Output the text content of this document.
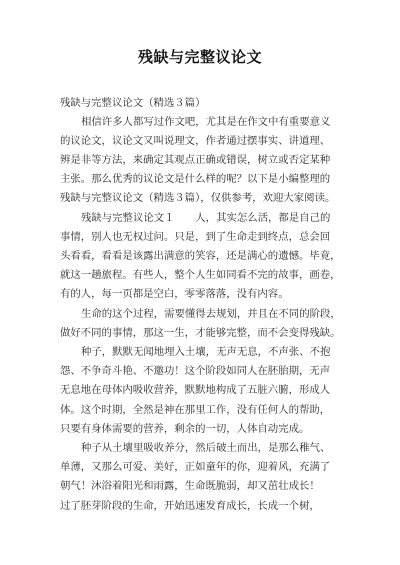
残缺与完整议论文
残缺与完整议论文（精选３篇）
相信许多人都写过作文吧，尤其是在作文中有重要意义
的议论文，议论文又叫说理文，作者通过摆事实、讲道理、
辨是非等方法，来确定其观点正确或错误，树立或否定某种
主张。那么优秀的议论文是什么样的呢？以下是小编整理的
残缺与完整议论文（精选３篇），仅供参考，欢迎大家阅读。
残缺与完整议论文１　　人，其实怎么活，都是自己的
事情，别人也无权过问。只是，到了生命走到终点，总会回
头看看，看看是该露出满意的笑容，还是满心的遗憾。毕竟，
就这一趟旅程。有些人，整个人生如同看不完的故事，画卷，
有的人，每一页都是空白，零零落落，没有内容。
生命的这个过程，需要懂得去规划，并且在不同的阶段，
做好不同的事情，那这一生，才能够完整，而不会变得残缺。
种子，默默无闻地埋入土壤，无声无息，不声张、不抱
怨、不争奇斗艳、不邀功！这个阶段如同人在胚胎期，无声
无息地在母体内吸收营养，默默地构成了五脏六腑，形成人
体。这个时期，全然是神在那里工作，没有任何人的帮助，
只要有身体需要的营养，剩余的一切，人体自动完成。
种子从土壤里吸收养分，然后破土而出，是那么稚气、
单薄，又那么可爱、美好，正如童年的你，迎着风，充满了
朝气！沐浴着阳光和雨露，生命既脆弱，却又茁壮成长！
过了胚芽阶段的生命，开始迅速发育成长，长成一个树，
